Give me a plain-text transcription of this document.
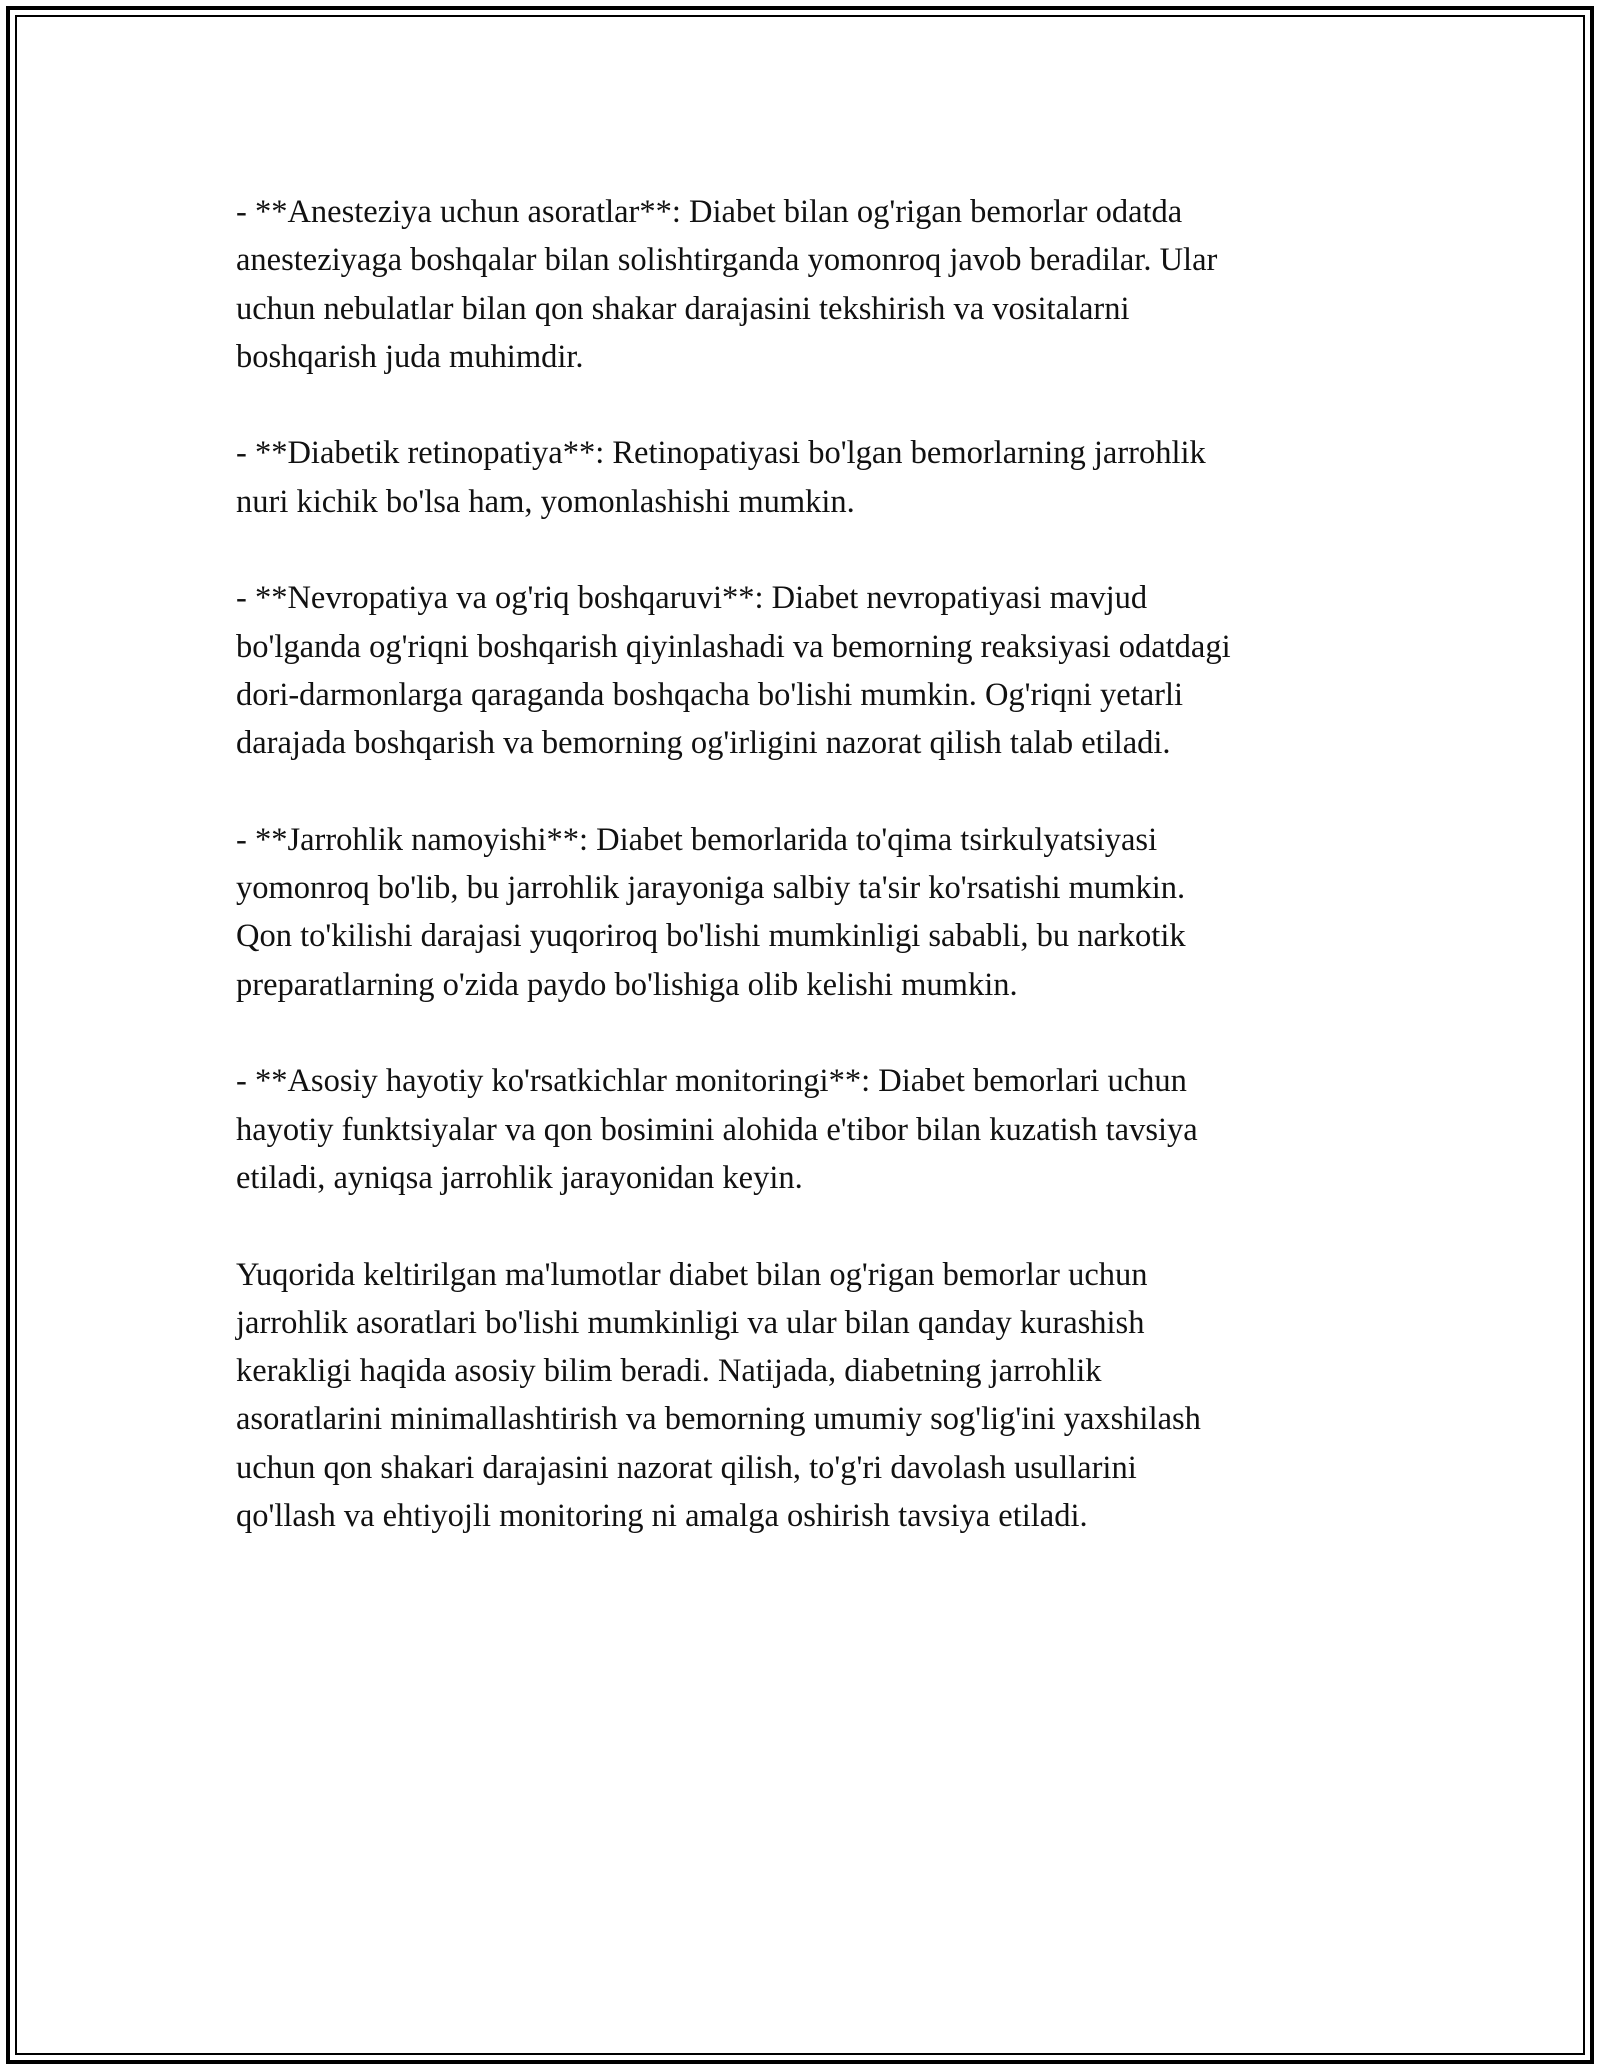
- **Anesteziya uchun asoratlar**: Diabet bilan og'rigan bemorlar odatda
anesteziyaga boshqalar bilan solishtirganda yomonroq javob beradilar. Ular
uchun nebulatlar bilan qon shakar darajasini tekshirish va vositalarni
boshqarish juda muhimdir.

- **Diabetik retinopatiya**: Retinopatiyasi bo'lgan bemorlarning jarrohlik
nuri kichik bo'lsa ham, yomonlashishi mumkin.

- **Nevropatiya va og'riq boshqaruvi**: Diabet nevropatiyasi mavjud
bo'lganda og'riqni boshqarish qiyinlashadi va bemorning reaksiyasi odatdagi
dori-darmonlarga qaraganda boshqacha bo'lishi mumkin. Og'riqni yetarli
darajada boshqarish va bemorning og'irligini nazorat qilish talab etiladi.

- **Jarrohlik namoyishi**: Diabet bemorlarida to'qima tsirkulyatsiyasi
yomonroq bo'lib, bu jarrohlik jarayoniga salbiy ta'sir ko'rsatishi mumkin.
Qon to'kilishi darajasi yuqoriroq bo'lishi mumkinligi sababli, bu narkotik
preparatlarning o'zida paydo bo'lishiga olib kelishi mumkin.

- **Asosiy hayotiy ko'rsatkichlar monitoringi**: Diabet bemorlari uchun
hayotiy funktsiyalar va qon bosimini alohida e'tibor bilan kuzatish tavsiya
etiladi, ayniqsa jarrohlik jarayonidan keyin.

Yuqorida keltirilgan ma'lumotlar diabet bilan og'rigan bemorlar uchun
jarrohlik asoratlari bo'lishi mumkinligi va ular bilan qanday kurashish
kerakligi haqida asosiy bilim beradi. Natijada, diabetning jarrohlik
asoratlarini minimallashtirish va bemorning umumiy sog'lig'ini yaxshilash
uchun qon shakari darajasini nazorat qilish, to'g'ri davolash usullarini
qo'llash va ehtiyojli monitoring ni amalga oshirish tavsiya etiladi.
